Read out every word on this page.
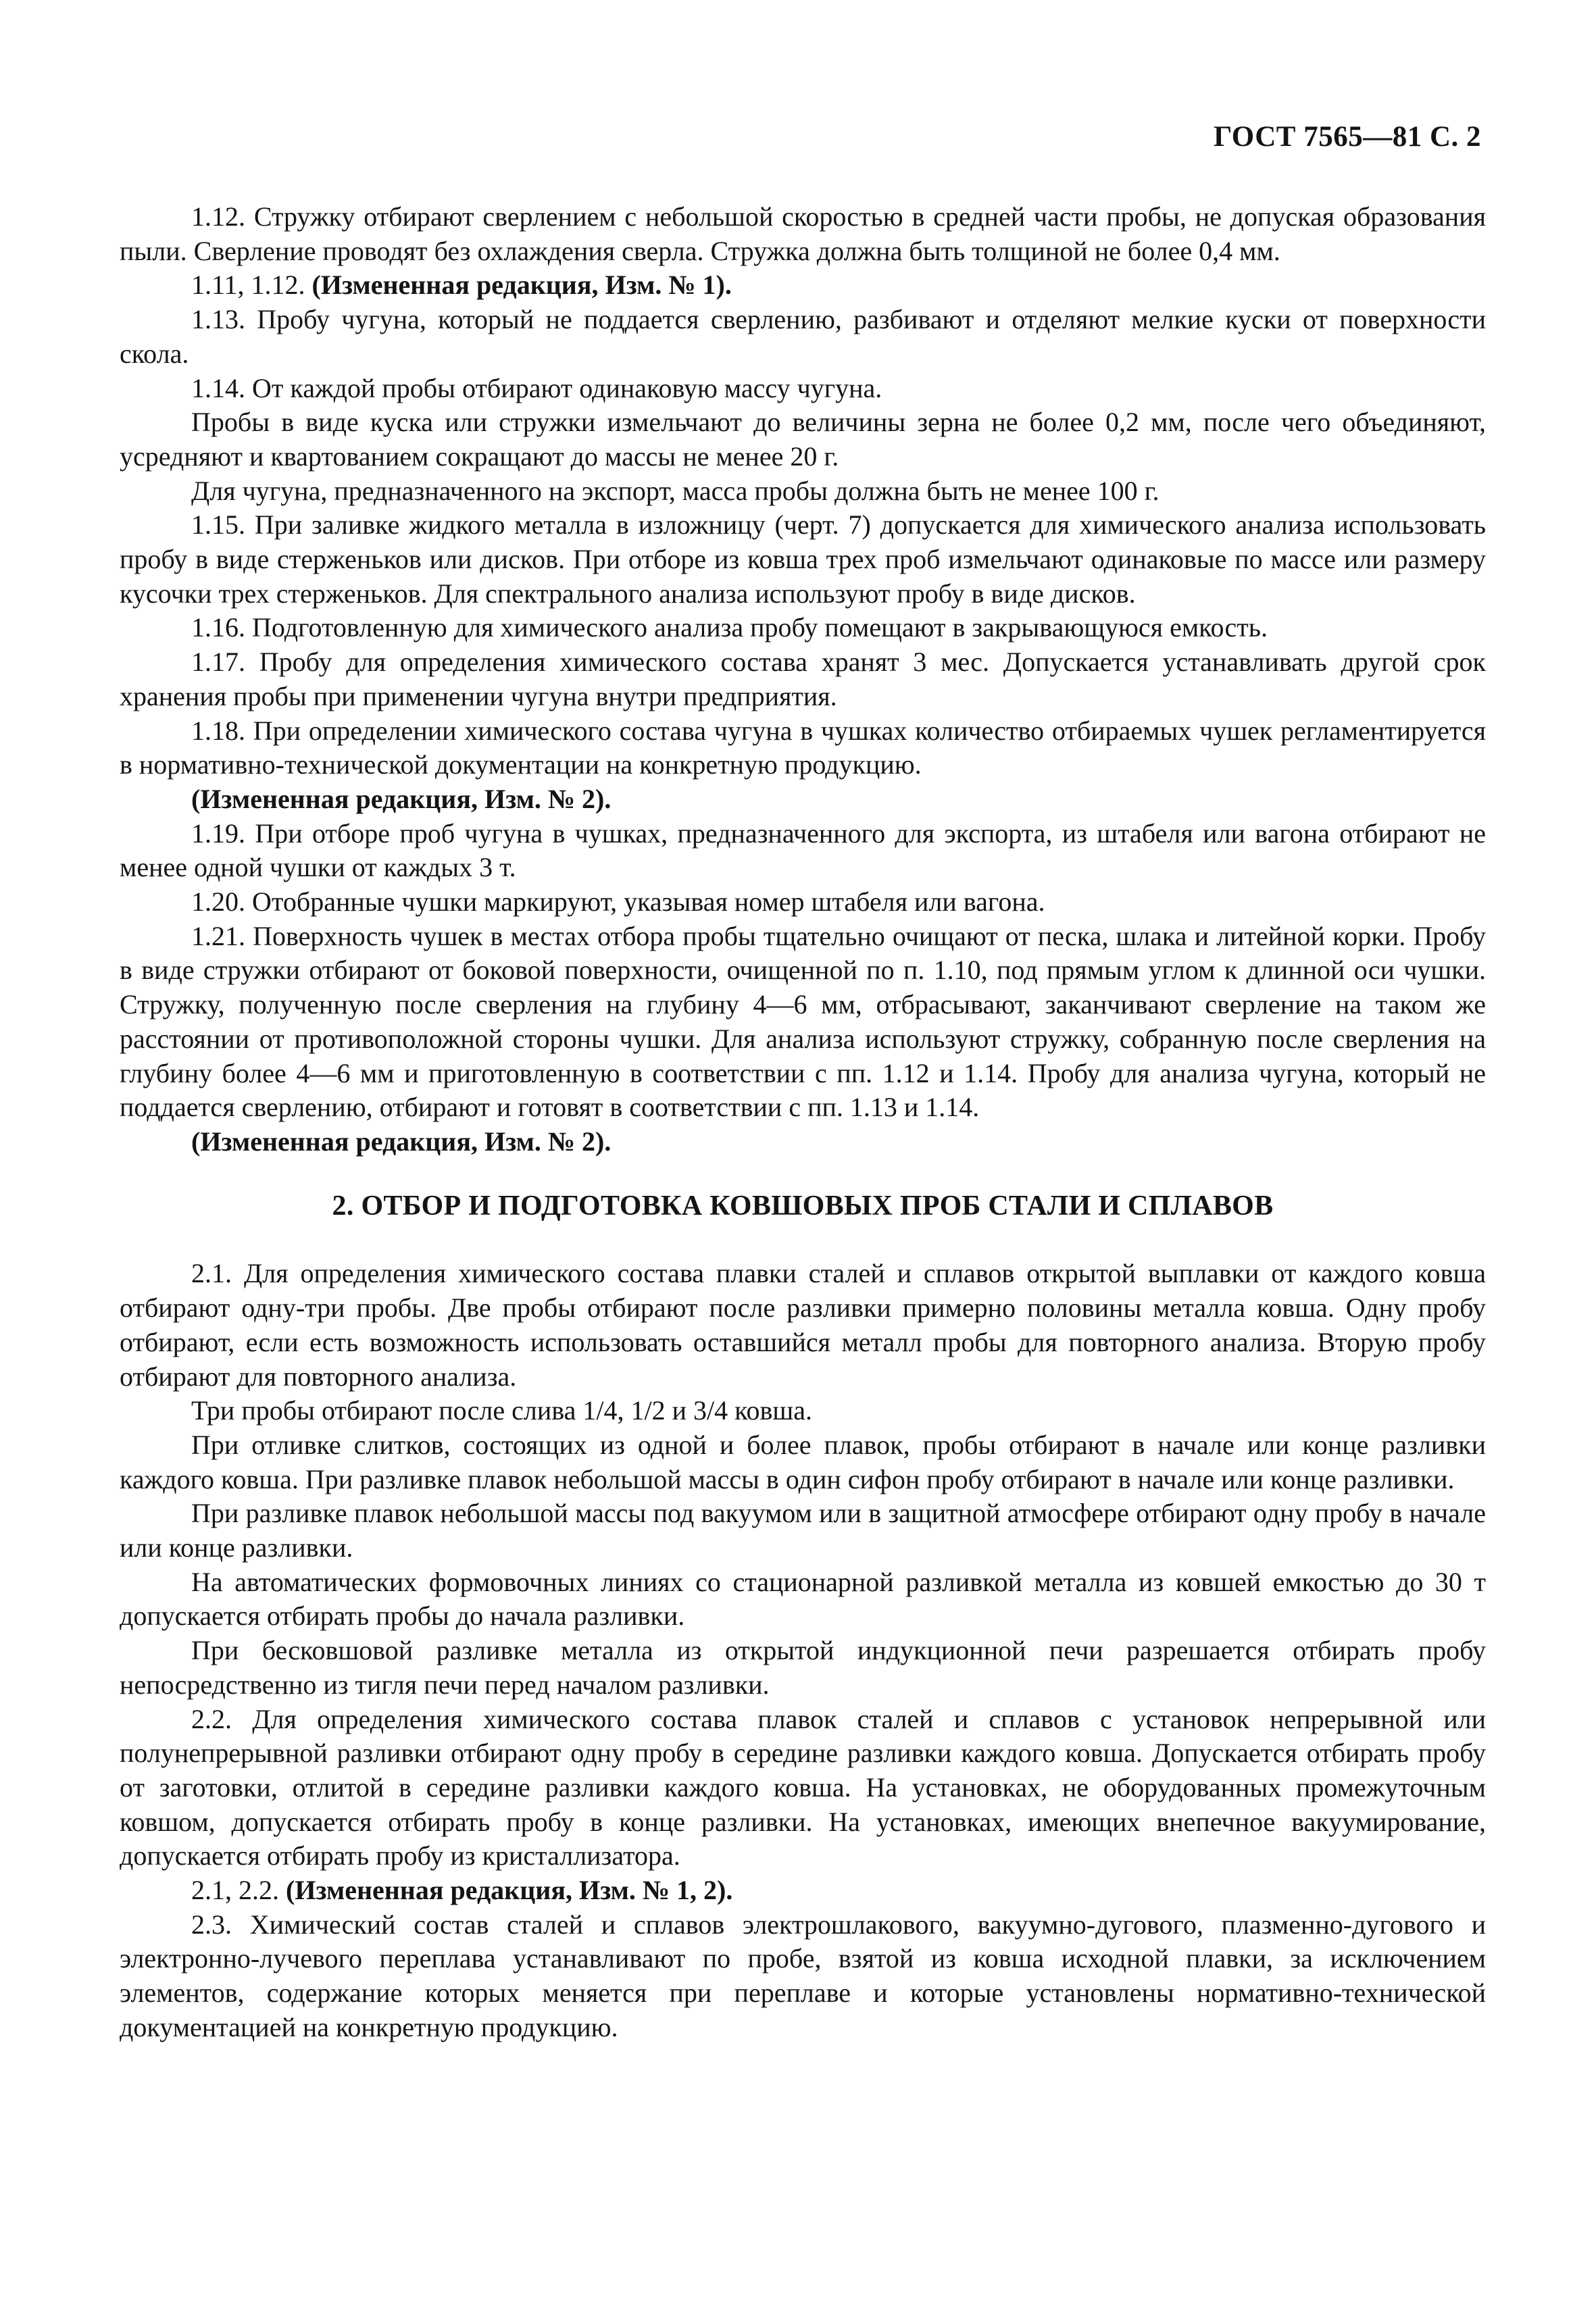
ГОСТ 7565—81 С. 2

1.12. Стружку отбирают сверлением с небольшой скоростью в средней части пробы, не допуская образования пыли. Сверление проводят без охлаждения сверла. Стружка должна быть толщиной не более 0,4 мм.

1.11, 1.12. (Измененная редакция, Изм. № 1).

1.13. Пробу чугуна, который не поддается сверлению, разбивают и отделяют мелкие куски от поверхности скола.

1.14. От каждой пробы отбирают одинаковую массу чугуна.

Пробы в виде куска или стружки измельчают до величины зерна не более 0,2 мм, после чего объединяют, усредняют и квартованием сокращают до массы не менее 20 г.

Для чугуна, предназначенного на экспорт, масса пробы должна быть не менее 100 г.

1.15. При заливке жидкого металла в изложницу (черт. 7) допускается для химического анализа использовать пробу в виде стерженьков или дисков. При отборе из ковша трех проб измельчают одинаковые по массе или размеру кусочки трех стерженьков. Для спектрального анализа используют пробу в виде дисков.

1.16. Подготовленную для химического анализа пробу помещают в закрывающуюся емкость.

1.17. Пробу для определения химического состава хранят 3 мес. Допускается устанавливать другой срок хранения пробы при применении чугуна внутри предприятия.

1.18. При определении химического состава чугуна в чушках количество отбираемых чушек регламентируется в нормативно-технической документации на конкретную продукцию.

(Измененная редакция, Изм. № 2).

1.19. При отборе проб чугуна в чушках, предназначенного для экспорта, из штабеля или вагона отбирают не менее одной чушки от каждых 3 т.

1.20. Отобранные чушки маркируют, указывая номер штабеля или вагона.

1.21. Поверхность чушек в местах отбора пробы тщательно очищают от песка, шлака и литейной корки. Пробу в виде стружки отбирают от боковой поверхности, очищенной по п. 1.10, под прямым углом к длинной оси чушки. Стружку, полученную после сверления на глубину 4—6 мм, отбрасывают, заканчивают сверление на таком же расстоянии от противоположной стороны чушки. Для анализа используют стружку, собранную после сверления на глубину более 4—6 мм и приготовленную в соответствии с пп. 1.12 и 1.14. Пробу для анализа чугуна, который не поддается сверлению, отбирают и готовят в соответствии с пп. 1.13 и 1.14.

(Измененная редакция, Изм. № 2).

2. ОТБОР И ПОДГОТОВКА КОВШОВЫХ ПРОБ СТАЛИ И СПЛАВОВ

2.1. Для определения химического состава плавки сталей и сплавов открытой выплавки от каждого ковша отбирают одну-три пробы. Две пробы отбирают после разливки примерно половины металла ковша. Одну пробу отбирают, если есть возможность использовать оставшийся металл пробы для повторного анализа. Вторую пробу отбирают для повторного анализа.

Три пробы отбирают после слива 1/4, 1/2 и 3/4 ковша.

При отливке слитков, состоящих из одной и более плавок, пробы отбирают в начале или конце разливки каждого ковша. При разливке плавок небольшой массы в один сифон пробу отбирают в начале или конце разливки.

При разливке плавок небольшой массы под вакуумом или в защитной атмосфере отбирают одну пробу в начале или конце разливки.

На автоматических формовочных линиях со стационарной разливкой металла из ковшей емкостью до 30 т допускается отбирать пробы до начала разливки.

При бесковшовой разливке металла из открытой индукционной печи разрешается отбирать пробу непосредственно из тигля печи перед началом разливки.

2.2. Для определения химического состава плавок сталей и сплавов с установок непрерывной или полунепрерывной разливки отбирают одну пробу в середине разливки каждого ковша. Допускается отбирать пробу от заготовки, отлитой в середине разливки каждого ковша. На установках, не оборудованных промежуточным ковшом, допускается отбирать пробу в конце разливки. На установках, имеющих внепечное вакуумирование, допускается отбирать пробу из кристаллизатора.

2.1, 2.2. (Измененная редакция, Изм. № 1, 2).

2.3. Химический состав сталей и сплавов электрошлакового, вакуумно-дугового, плазменно-дугового и электронно-лучевого переплава устанавливают по пробе, взятой из ковша исходной плавки, за исключением элементов, содержание которых меняется при переплаве и которые установлены нормативно-технической документацией на конкретную продукцию.
